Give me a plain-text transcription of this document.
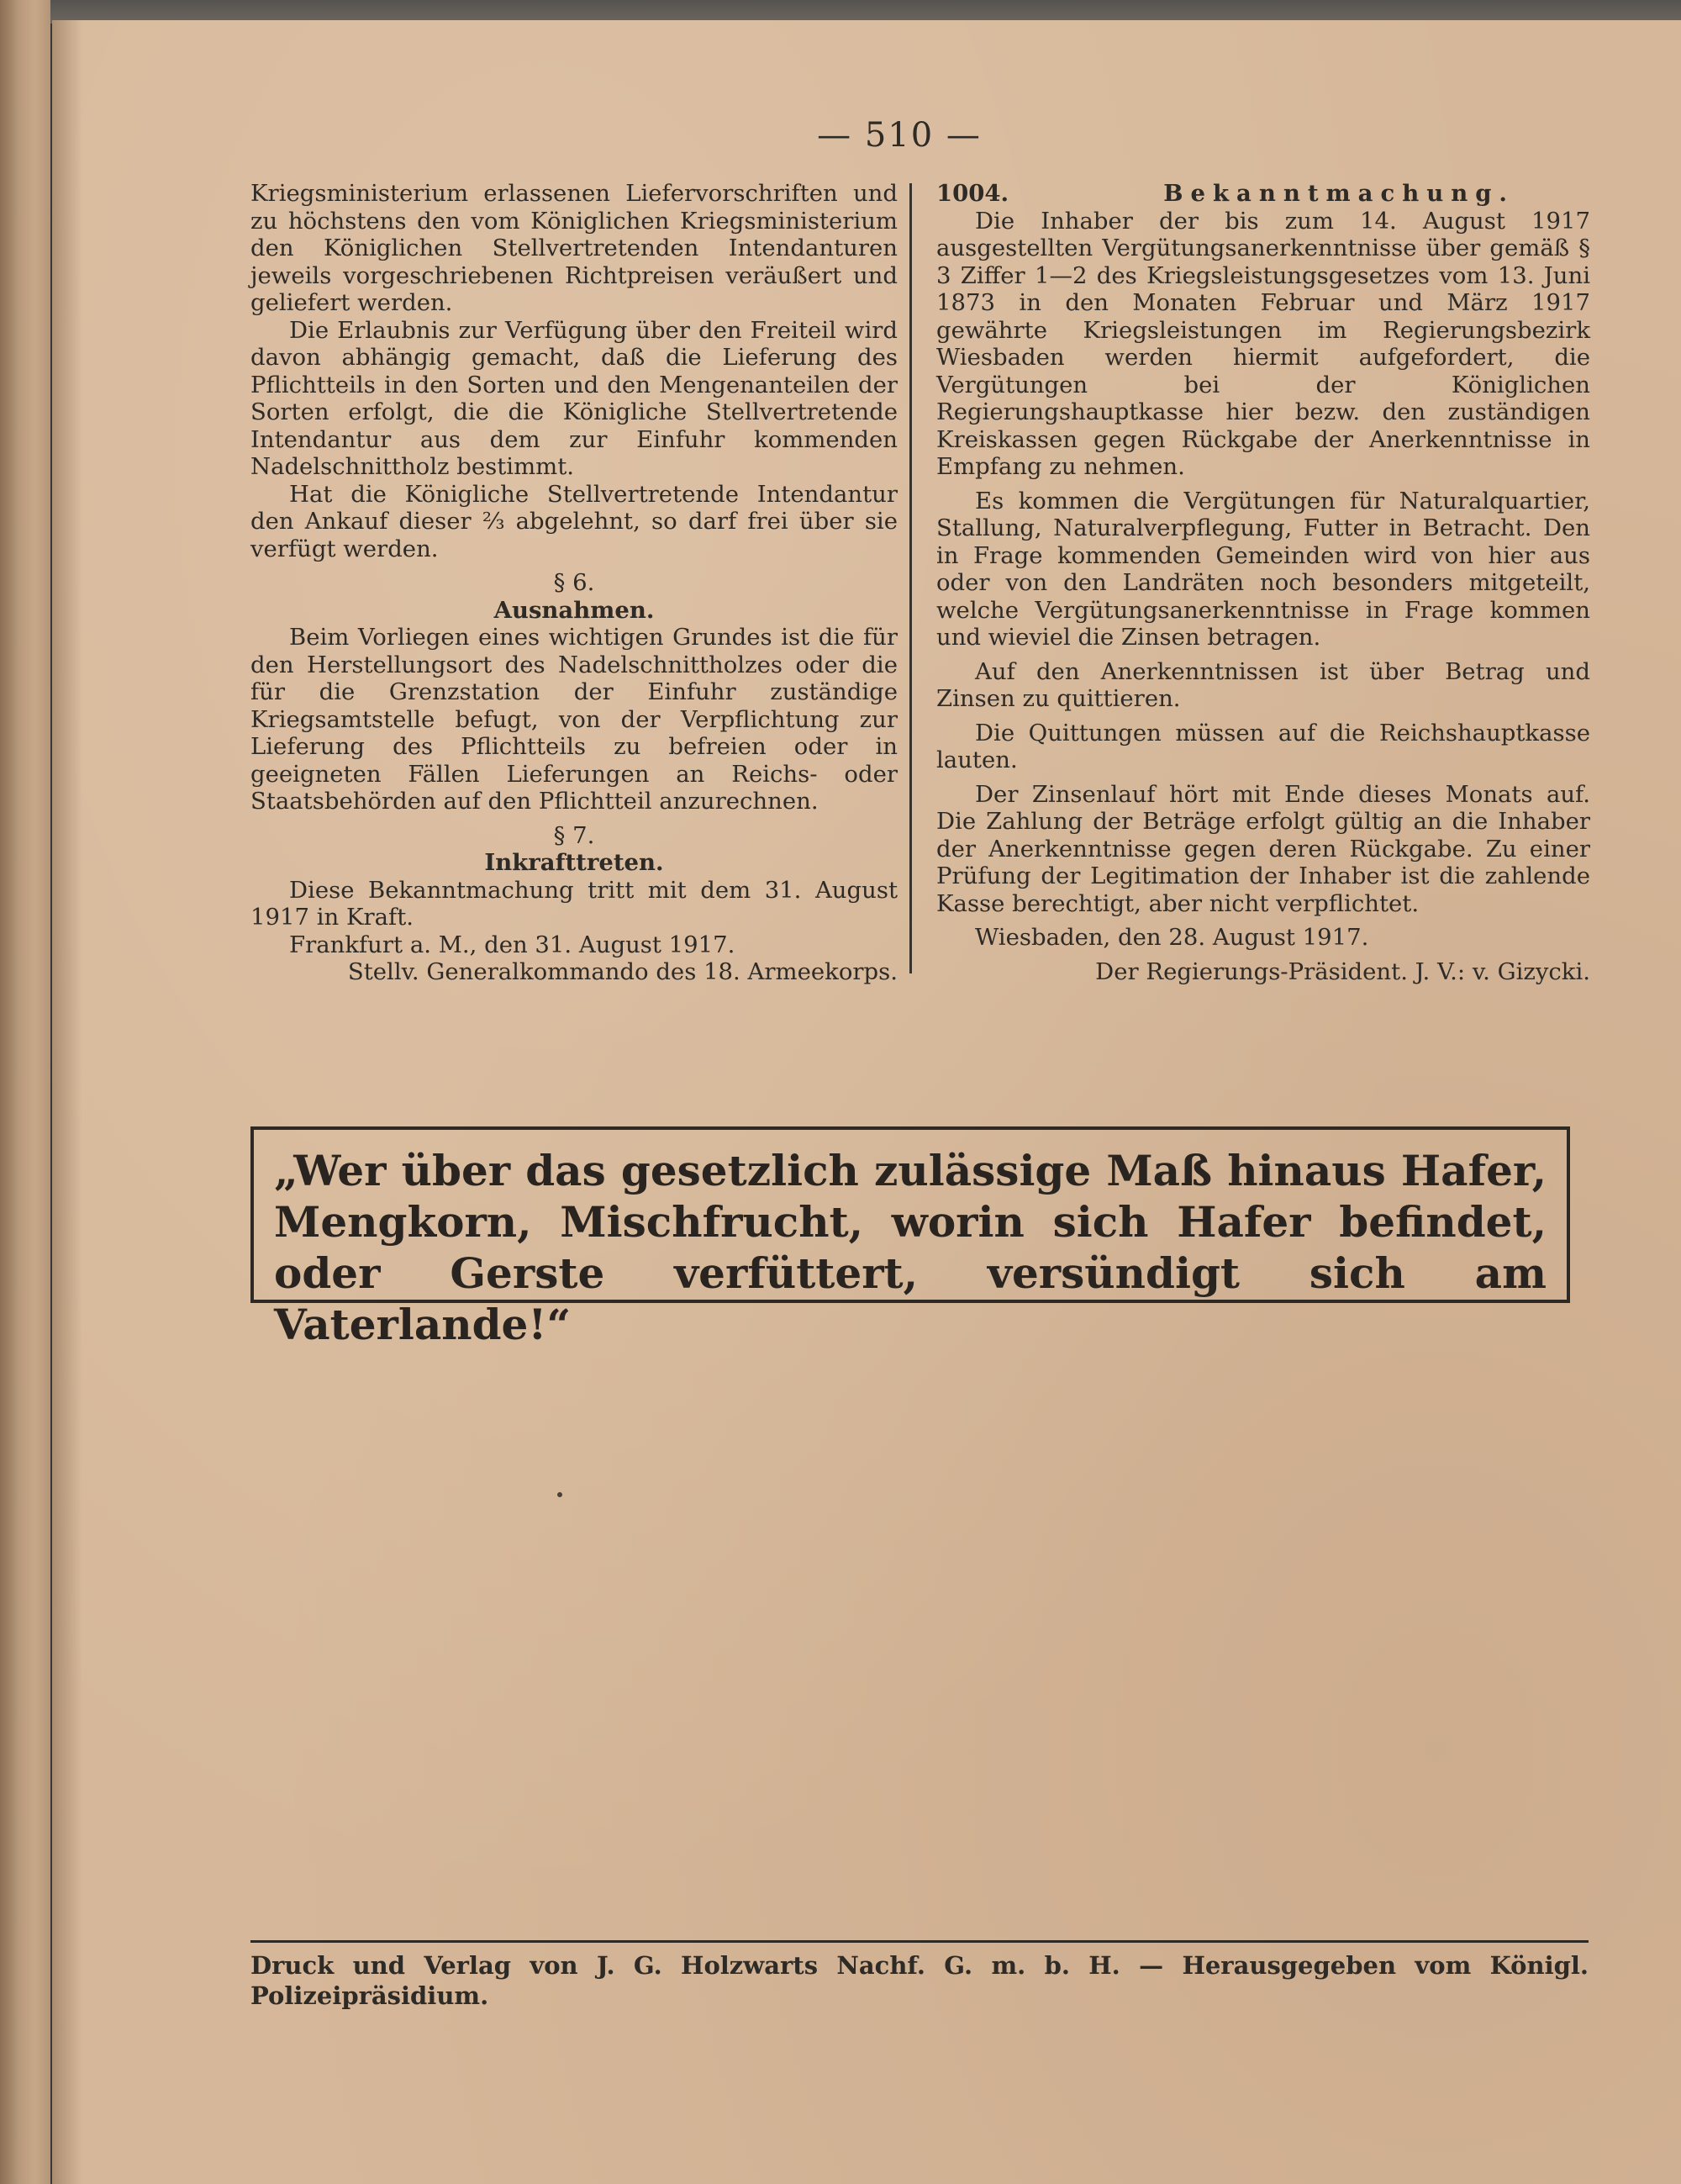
— 510 —

Kriegsministerium erlassenen Liefervorschriften und zu höchstens den vom Königlichen Kriegsministerium den Königlichen Stellvertretenden Intendanturen jeweils vorgeschriebenen Richtpreisen veräußert und geliefert werden.

Die Erlaubnis zur Verfügung über den Freiteil wird davon abhängig gemacht, daß die Lieferung des Pflichtteils in den Sorten und den Mengenanteilen der Sorten erfolgt, die die Königliche Stellvertretende Intendantur aus dem zur Einfuhr kommenden Nadelschnittholz bestimmt.

Hat die Königliche Stellvertretende Intendantur den Ankauf dieser ⅔ abgelehnt, so darf frei über sie verfügt werden.

§ 6.

Ausnahmen.

Beim Vorliegen eines wichtigen Grundes ist die für den Herstellungsort des Nadelschnittholzes oder die für die Grenzstation der Einfuhr zuständige Kriegsamtstelle befugt, von der Verpflichtung zur Lieferung des Pflichtteils zu befreien oder in geeigneten Fällen Lieferungen an Reichs- oder Staatsbehörden auf den Pflichtteil anzurechnen.

§ 7.

Inkrafttreten.

Diese Bekanntmachung tritt mit dem 31. August 1917 in Kraft.

Frankfurt a. M., den 31. August 1917.

Stellv. Generalkommando des 18. Armeekorps.

1004.	Bekanntmachung.

Die Inhaber der bis zum 14. August 1917 ausgestellten Vergütungsanerkenntnisse über gemäß § 3 Ziffer 1—2 des Kriegsleistungsgesetzes vom 13. Juni 1873 in den Monaten Februar und März 1917 gewährte Kriegsleistungen im Regierungsbezirk Wiesbaden werden hiermit aufgefordert, die Vergütungen bei der Königlichen Regierungshauptkasse hier bezw. den zuständigen Kreiskassen gegen Rückgabe der Anerkenntnisse in Empfang zu nehmen.

Es kommen die Vergütungen für Naturalquartier, Stallung, Naturalverpflegung, Futter in Betracht. Den in Frage kommenden Gemeinden wird von hier aus oder von den Landräten noch besonders mitgeteilt, welche Vergütungsanerkenntnisse in Frage kommen und wieviel die Zinsen betragen.

Auf den Anerkenntnissen ist über Betrag und Zinsen zu quittieren.

Die Quittungen müssen auf die Reichshauptkasse lauten.

Der Zinsenlauf hört mit Ende dieses Monats auf. Die Zahlung der Beträge erfolgt gültig an die Inhaber der Anerkenntnisse gegen deren Rückgabe. Zu einer Prüfung der Legitimation der Inhaber ist die zahlende Kasse berechtigt, aber nicht verpflichtet.

Wiesbaden, den 28. August 1917.

Der Regierungs-Präsident. J. V.: v. Gizycki.

„Wer über das gesetzlich zulässige Maß hinaus Hafer, Mengkorn, Mischfrucht, worin sich Hafer befindet, oder Gerste verfüttert, versündigt sich am Vaterlande!“

Druck und Verlag von J. G. Holzwarts Nachf. G. m. b. H. — Herausgegeben vom Königl. Polizeipräsidium.
